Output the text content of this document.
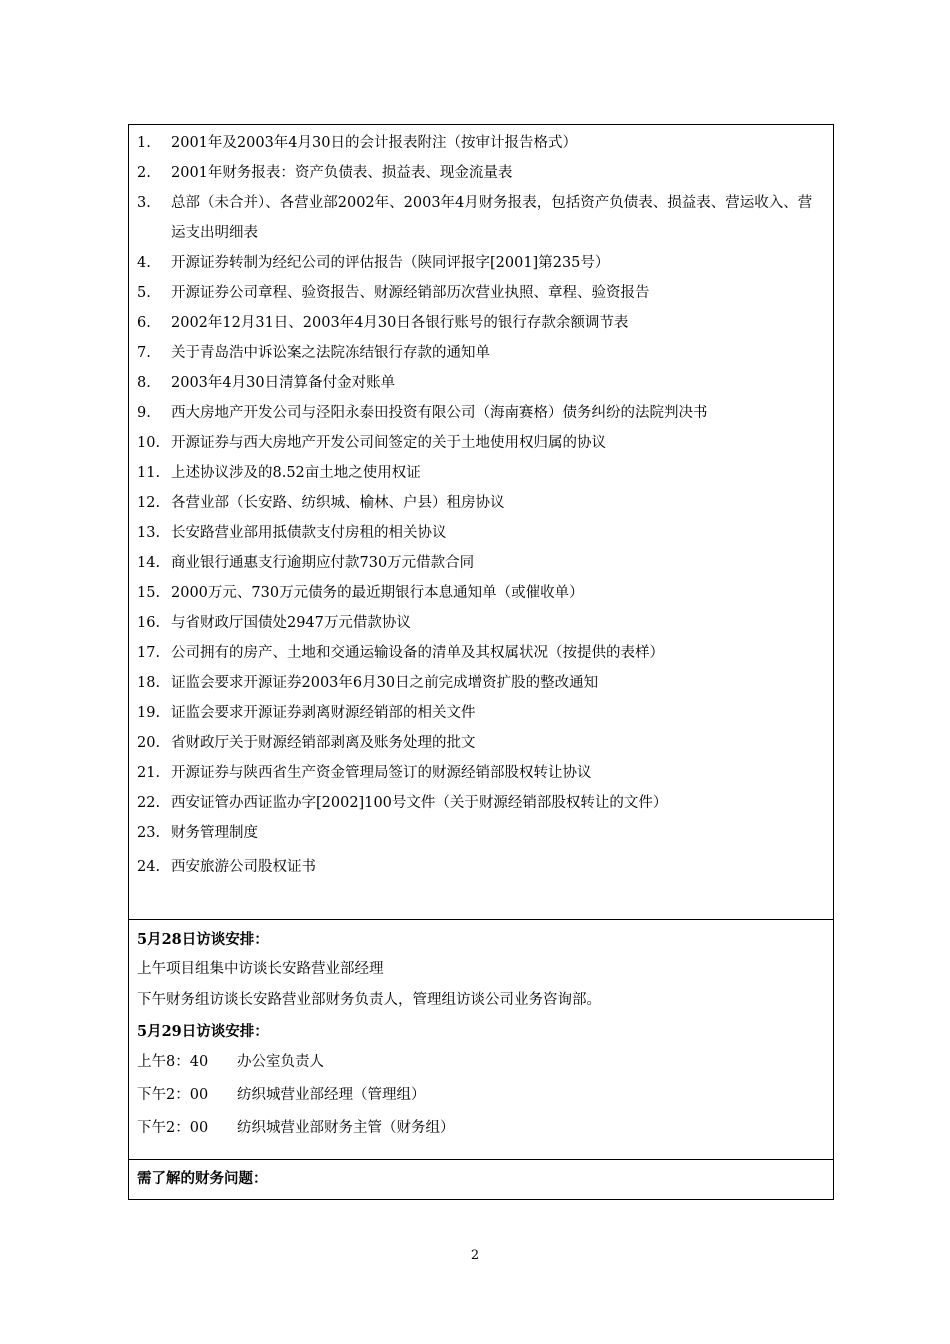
1.	2001年及2003年4月30日的会计报表附注（按审计报告格式）
2.	2001年财务报表：资产负债表、损益表、现金流量表
3.	总部（未合并）、各营业部2002年、2003年4月财务报表，包括资产负债表、损益表、营运收入、营运支出明细表
4.	开源证券转制为经纪公司的评估报告（陕同评报字[2001]第235号）
5.	开源证券公司章程、验资报告、财源经销部历次营业执照、章程、验资报告
6.	2002年12月31日、2003年4月30日各银行账号的银行存款余额调节表
7.	关于青岛浩中诉讼案之法院冻结银行存款的通知单
8.	2003年4月30日清算备付金对账单
9.	西大房地产开发公司与泾阳永泰田投资有限公司（海南赛格）债务纠纷的法院判决书
10. 开源证券与西大房地产开发公司间签定的关于土地使用权归属的协议
11. 上述协议涉及的8.52亩土地之使用权证
12. 各营业部（长安路、纺织城、榆林、户县）租房协议
13. 长安路营业部用抵债款支付房租的相关协议
14. 商业银行通惠支行逾期应付款730万元借款合同
15. 2000万元、730万元债务的最近期银行本息通知单（或催收单）
16. 与省财政厅国债处2947万元借款协议
17. 公司拥有的房产、土地和交通运输设备的清单及其权属状况（按提供的表样）
18. 证监会要求开源证券2003年6月30日之前完成增资扩股的整改通知
19. 证监会要求开源证券剥离财源经销部的相关文件
20. 省财政厅关于财源经销部剥离及账务处理的批文
21. 开源证券与陕西省生产资金管理局签订的财源经销部股权转让协议
22. 西安证管办西证监办字[2002]100号文件（关于财源经销部股权转让的文件）
23. 财务管理制度
24. 西安旅游公司股权证书
5月28日访谈安排：
上午项目组集中访谈长安路营业部经理
下午财务组访谈长安路营业部财务负责人，管理组访谈公司业务咨询部。
5月29日访谈安排：
上午8：40	办公室负责人
下午2：00	纺织城营业部经理（管理组）
下午2：00	纺织城营业部财务主管（财务组）
需了解的财务问题：
2
